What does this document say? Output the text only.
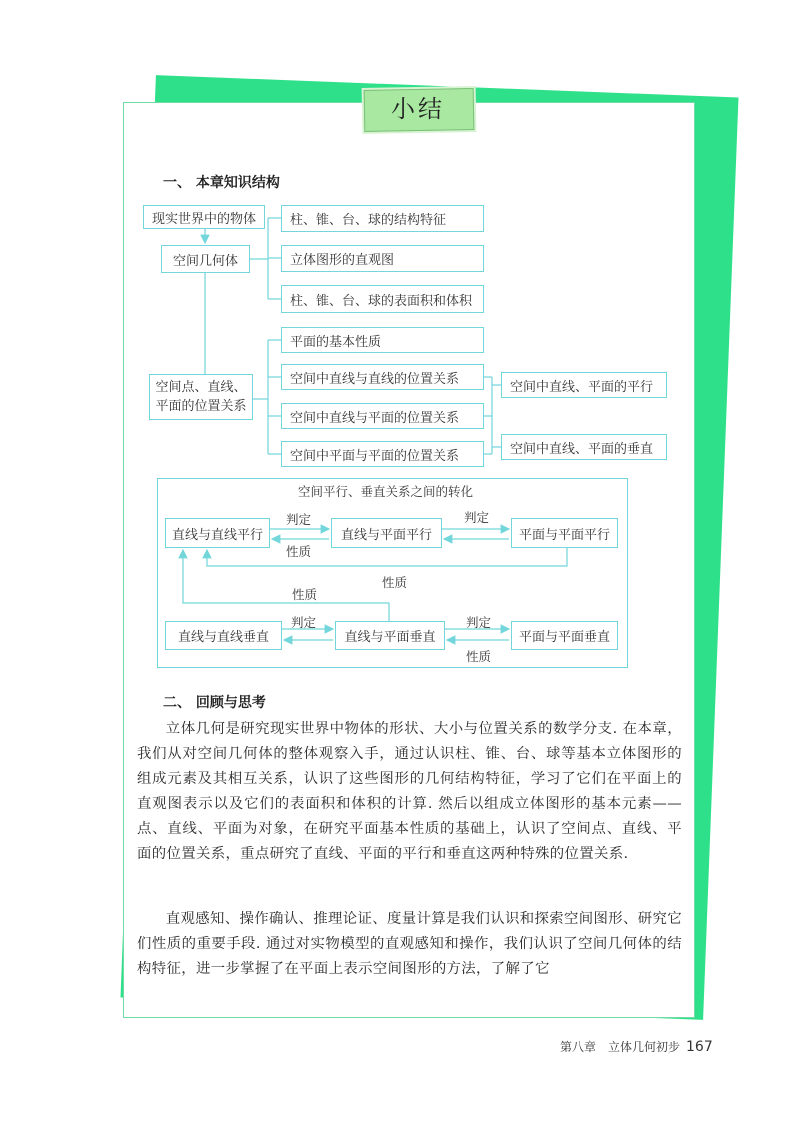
小结
一、 本章知识结构
现实世界中的物体
空间几何体
柱、锥、台、球的结构特征
立体图形的直观图
柱、锥、台、球的表面积和体积
空间点、直线、
平面的位置关系
平面的基本性质
空间中直线与直线的位置关系
空间中直线与平面的位置关系
空间中平面与平面的位置关系
空间中直线、平面的平行
空间中直线、平面的垂直
空间平行、垂直关系之间的转化
直线与直线平行	直线与平面平行	平面与平面平行
直线与直线垂直	直线与平面垂直	平面与平面垂直
判定
性质
判定
性质
性质
判定	判定
性质
二、 回顾与思考

立体几何是研究现实世界中物体的形状、大小与位置关系的数学分支. 在本章，我们从对空间几何体的整体观察入手，通过认识柱、锥、台、球等基本立体图形的组成元素及其相互关系，认识了这些图形的几何结构特征，学习了它们在平面上的直观图表示以及它们的表面积和体积的计算. 然后以组成立体图形的基本元素——点、直线、平面为对象，在研究平面基本性质的基础上，认识了空间点、直线、平面的位置关系，重点研究了直线、平面的平行和垂直这两种特殊的位置关系.

直观感知、操作确认、推理论证、度量计算是我们认识和探索空间图形、研究它们性质的重要手段. 通过对实物模型的直观感知和操作，我们认识了空间几何体的结构特征，进一步掌握了在平面上表示空间图形的方法，了解了它

第八章　立体几何初步 167
